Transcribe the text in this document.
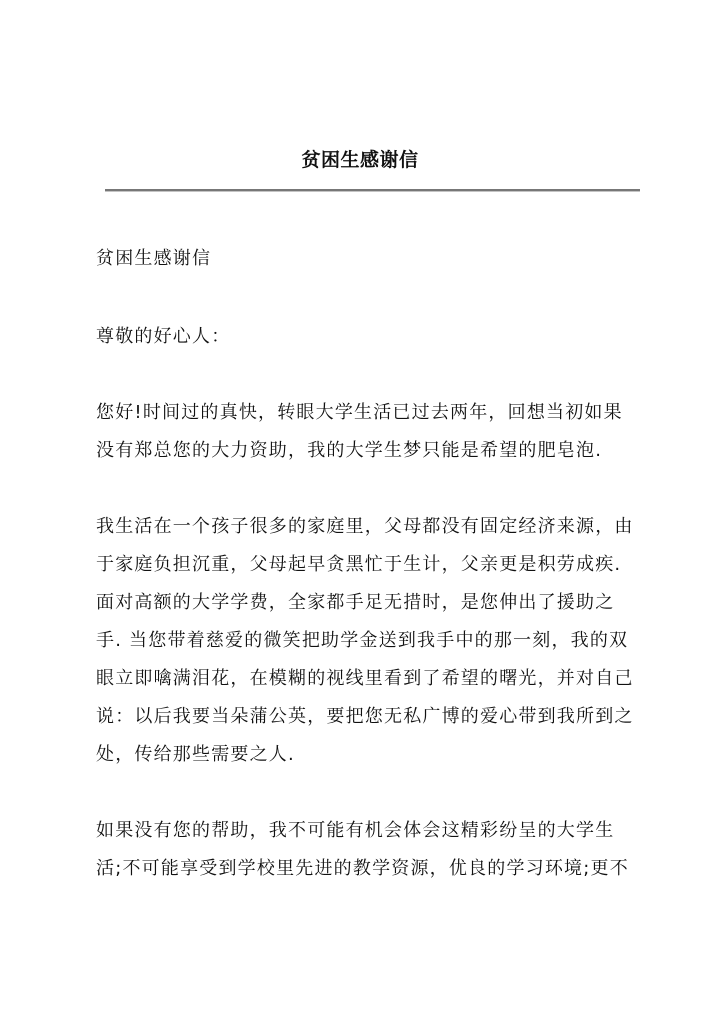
贫困生感谢信

贫困生感谢信

尊敬的好心人：

您好!时间过的真快，转眼大学生活已过去两年，回想当初如果
没有郑总您的大力资助，我的大学生梦只能是希望的肥皂泡.
我生活在一个孩子很多的家庭里，父母都没有固定经济来源，由
于家庭负担沉重，父母起早贪黑忙于生计，父亲更是积劳成疾.
面对高额的大学学费，全家都手足无措时，是您伸出了援助之
手. 当您带着慈爱的微笑把助学金送到我手中的那一刻，我的双
眼立即噙满泪花，在模糊的视线里看到了希望的曙光，并对自己
说：以后我要当朵蒲公英，要把您无私广博的爱心带到我所到之
处，传给那些需要之人.
如果没有您的帮助，我不可能有机会体会这精彩纷呈的大学生
活;不可能享受到学校里先进的教学资源，优良的学习环境;更不
